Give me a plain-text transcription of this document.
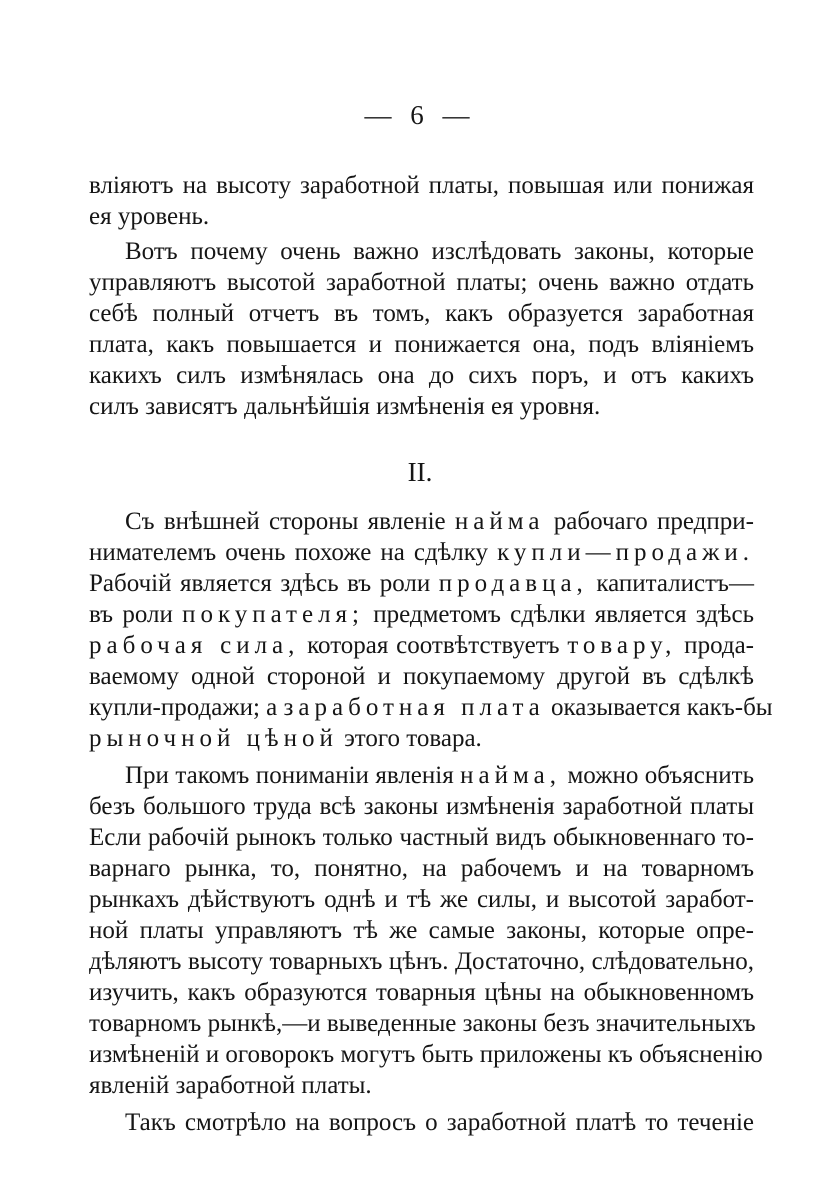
— 6 —
вліяютъ на высоту заработной платы, повышая или понижая
ея уровень.
Вотъ почему очень важно изслѣдовать законы, которые
управляютъ высотой заработной платы; очень важно отдать
себѣ полный отчетъ въ томъ, какъ образуется заработная
плата, какъ повышается и понижается она, подъ вліяніемъ
какихъ силъ измѣнялась она до сихъ поръ, и отъ какихъ
силъ зависятъ дальнѣйшія измѣненія ея уровня.
II.
Съ внѣшней стороны явленіе найма рабочаго предпри-
нимателемъ очень похоже на сдѣлку купли—продажи.
Рабочій является здѣсь въ роли продавца, капиталистъ—
въ роли покупателя; предметомъ сдѣлки является здѣсь
рабочая сила, которая соотвѣтствуетъ товару, прода-
ваемому одной стороной и покупаемому другой въ сдѣлкѣ
купли-продажи; а заработная плата оказывается какъ-бы
рыночной цѣной этого товара.
При такомъ пониманіи явленія найма, можно объяснить
безъ большого труда всѣ законы измѣненія заработной платы
Если рабочій рынокъ только частный видъ обыкновеннаго то-
варнаго рынка, то, понятно, на рабочемъ и на товарномъ
рынкахъ дѣйствуютъ однѣ и тѣ же силы, и высотой заработ-
ной платы управляютъ тѣ же самые законы, которые опре-
дѣляютъ высоту товарныхъ цѣнъ. Достаточно, слѣдовательно,
изучить, какъ образуются товарныя цѣны на обыкновенномъ
товарномъ рынкѣ,—и выведенные законы безъ значительныхъ
измѣненій и оговорокъ могутъ быть приложены къ объясненію
явленій заработной платы.
Такъ смотрѣло на вопросъ о заработной платѣ то теченіе
